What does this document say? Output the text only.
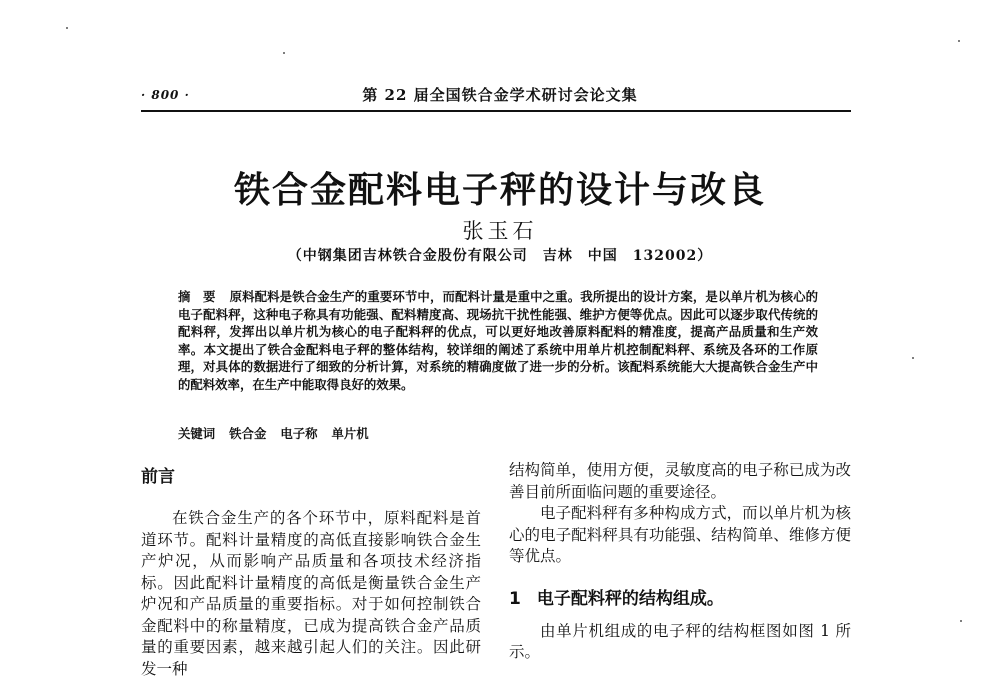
· 800 ·	第 22 届全国铁合金学术研讨会论文集
铁合金配料电子秤的设计与改良
张玉石
（中钢集团吉林铁合金股份有限公司　吉林　中国　132002）
摘　要 原料配料是铁合金生产的重要环节中，而配料计量是重中之重。我所提出的设计方案，是以单片机为核心的电子配料秤，这种电子称具有功能强、配料精度高、现场抗干扰性能强、维护方便等优点。因此可以逐步取代传统的配料秤，发挥出以单片机为核心的电子配料秤的优点，可以更好地改善原料配料的精准度，提高产品质量和生产效率。本文提出了铁合金配料电子秤的整体结构，较详细的阐述了系统中用单片机控制配料秤、系统及各环的工作原理，对具体的数据进行了细致的分析计算，对系统的精确度做了进一步的分析。该配料系统能大大提高铁合金生产中的配料效率，在生产中能取得良好的效果。
关键词 铁合金 电子称 单片机

前言

在铁合金生产的各个环节中，原料配料是首道环节。配料计量精度的高低直接影响铁合金生产炉况，从而影响产品质量和各项技术经济指标。因此配料计量精度的高低是衡量铁合金生产炉况和产品质量的重要指标。对于如何控制铁合金配料中的称量精度，已成为提高铁合金产品质量的重要因素，越来越引起人们的关注。因此研发一种

结构简单，使用方便，灵敏度高的电子称已成为改善目前所面临问题的重要途径。

电子配料秤有多种构成方式，而以单片机为核心的电子配料秤具有功能强、结构简单、维修方便等优点。

1 电子配料秤的结构组成。

由单片机组成的电子秤的结构框图如图 1 所示。
